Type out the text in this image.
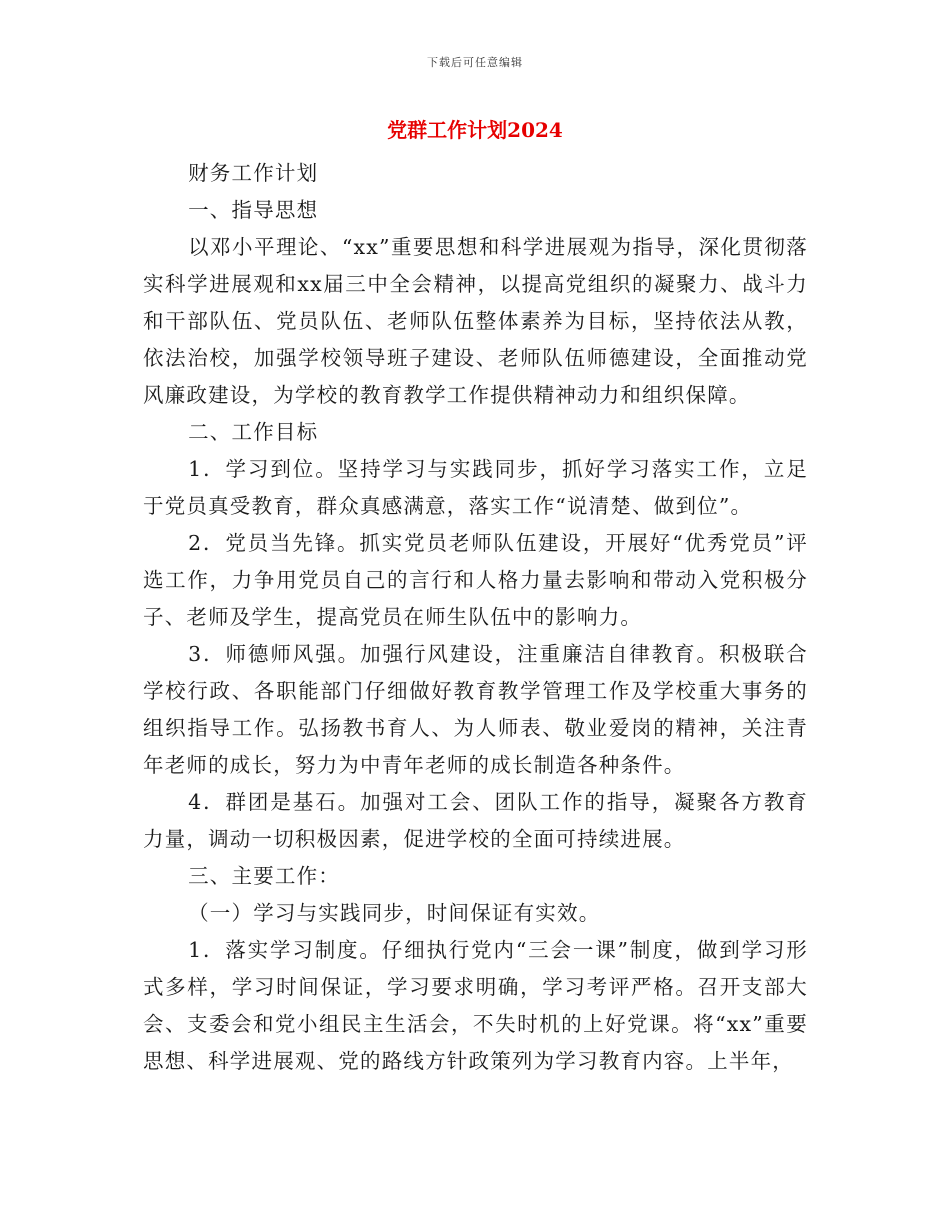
下载后可任意编辑
党群工作计划2024

财务工作计划

一、指导思想

以邓小平理论、“xx”重要思想和科学进展观为指导，深化贯彻落实科学进展观和xx届三中全会精神，以提高党组织的凝聚力、战斗力和干部队伍、党员队伍、老师队伍整体素养为目标，坚持依法从教，依法治校，加强学校领导班子建设、老师队伍师德建设，全面推动党风廉政建设，为学校的教育教学工作提供精神动力和组织保障。

二、工作目标

1．学习到位。坚持学习与实践同步，抓好学习落实工作，立足于党员真受教育，群众真感满意，落实工作“说清楚、做到位”。

2．党员当先锋。抓实党员老师队伍建设，开展好“优秀党员”评选工作，力争用党员自己的言行和人格力量去影响和带动入党积极分子、老师及学生，提高党员在师生队伍中的影响力。

3．师德师风强。加强行风建设，注重廉洁自律教育。积极联合学校行政、各职能部门仔细做好教育教学管理工作及学校重大事务的组织指导工作。弘扬教书育人、为人师表、敬业爱岗的精神，关注青年老师的成长，努力为中青年老师的成长制造各种条件。

4．群团是基石。加强对工会、团队工作的指导，凝聚各方教育力量，调动一切积极因素，促进学校的全面可持续进展。

三、主要工作：

（一）学习与实践同步，时间保证有实效。

1．落实学习制度。仔细执行党内“三会一课”制度，做到学习形式多样，学习时间保证，学习要求明确，学习考评严格。召开支部大会、支委会和党小组民主生活会，不失时机的上好党课。将“xx”重要思想、科学进展观、党的路线方针政策列为学习教育内容。上半年，
